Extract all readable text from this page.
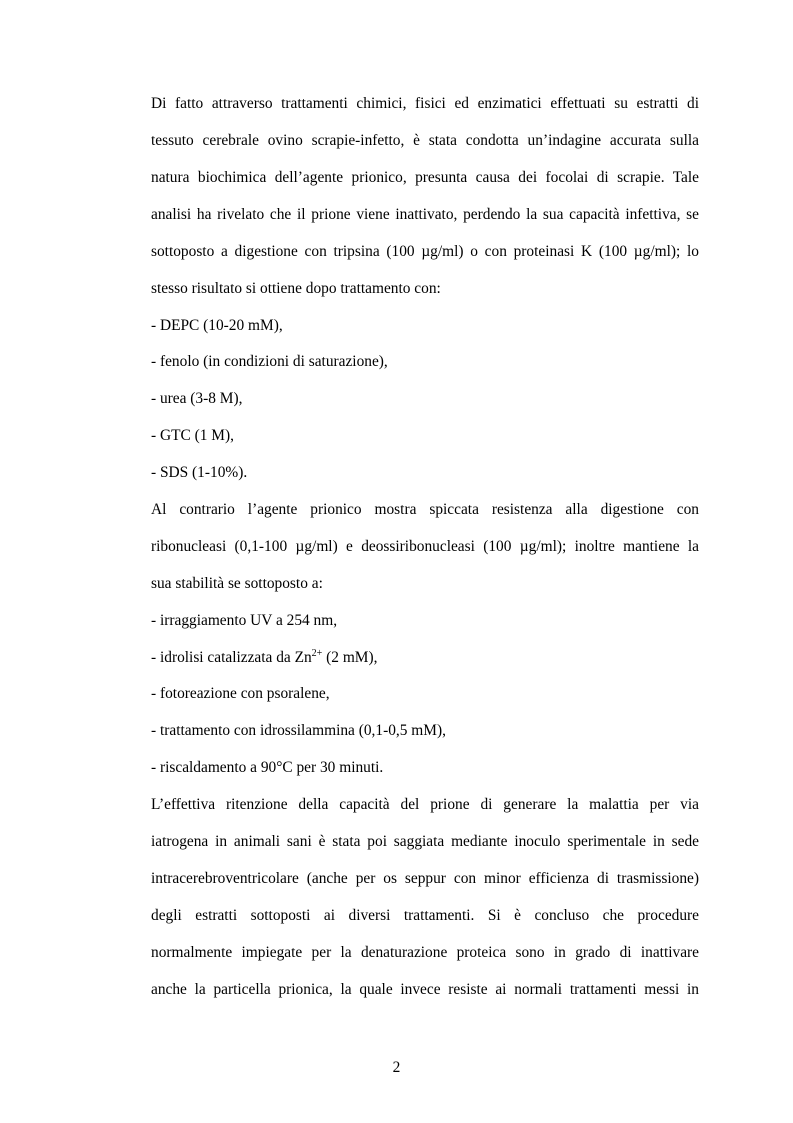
Di fatto attraverso trattamenti chimici, fisici ed enzimatici effettuati su estratti di
tessuto cerebrale ovino scrapie-infetto, è stata condotta un’indagine accurata sulla
natura biochimica dell’agente prionico, presunta causa dei focolai di scrapie. Tale
analisi ha rivelato che il prione viene inattivato, perdendo la sua capacità infettiva, se
sottoposto a digestione con tripsina (100 µg/ml) o con proteinasi K (100 µg/ml); lo
stesso risultato si ottiene dopo trattamento con:
- DEPC (10-20 mM),
- fenolo (in condizioni di saturazione),
- urea (3-8 M),
- GTC (1 M),
- SDS (1-10%).
Al contrario l’agente prionico mostra spiccata resistenza alla digestione con
ribonucleasi (0,1-100 µg/ml) e deossiribonucleasi (100 µg/ml); inoltre mantiene la
sua stabilità se sottoposto a:
- irraggiamento UV a 254 nm,
- idrolisi catalizzata da $Zn^{2+}$ (2 mM),
- fotoreazione con psoralene,
- trattamento con idrossilammina (0,1-0,5 mM),
- riscaldamento a 90°C per 30 minuti.
L’effettiva ritenzione della capacità del prione di generare la malattia per via
iatrogena in animali sani è stata poi saggiata mediante inoculo sperimentale in sede
intracerebroventricolare (anche per os seppur con minor efficienza di trasmissione)
degli estratti sottoposti ai diversi trattamenti. Si è concluso che procedure
normalmente impiegate per la denaturazione proteica sono in grado di inattivare
anche la particella prionica, la quale invece resiste ai normali trattamenti messi in
2
